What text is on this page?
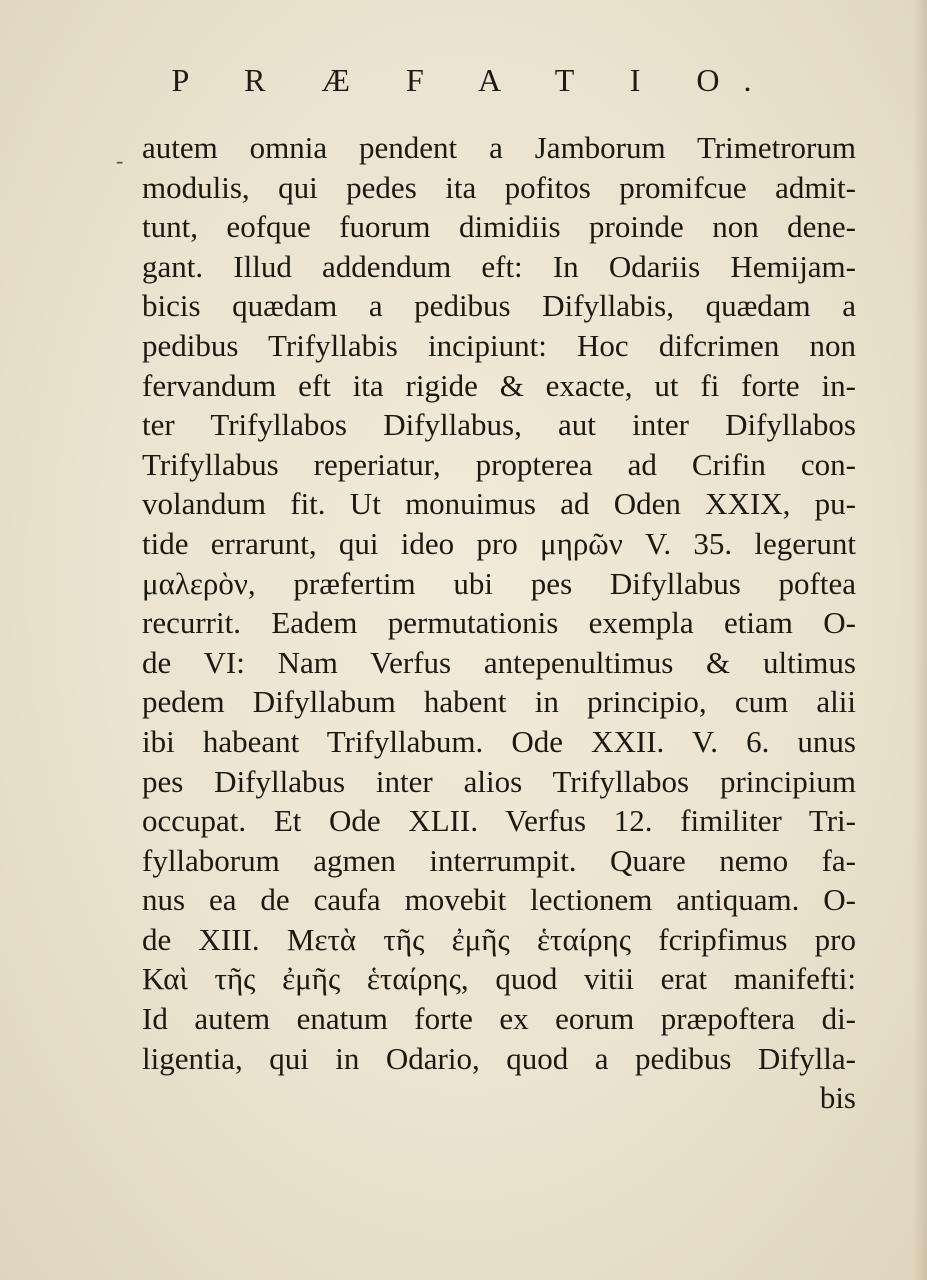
P R Æ F A T I O.
- autem omnia pendent a Jamborum Trimetrorum
modulis, qui pedes ita pofitos promifcue admit-
tunt, eofque fuorum dimidiis proinde non dene-
gant. Illud addendum eft: In Odariis Hemijam-
bicis quædam a pedibus Difyllabis, quædam a
pedibus Trifyllabis incipiunt: Hoc difcrimen non
fervandum eft ita rigide & exacte, ut fi forte in-
ter Trifyllabos Difyllabus, aut inter Difyllabos
Trifyllabus reperiatur, propterea ad Crifin con-
volandum fit. Ut monuimus ad Oden XXIX, pu-
tide errarunt, qui ideo pro μηρῶν V. 35. legerunt
μαλερὸν, præfertim ubi pes Difyllabus poftea
recurrit. Eadem permutationis exempla etiam O-
de VI: Nam Verfus antepenultimus & ultimus
pedem Difyllabum habent in principio, cum alii
ibi habeant Trifyllabum. Ode XXII. V. 6. unus
pes Difyllabus inter alios Trifyllabos principium
occupat. Et Ode XLII. Verfus 12. fimiliter Tri-
fyllaborum agmen interrumpit. Quare nemo fa-
nus ea de caufa movebit lectionem antiquam. O-
de XIII. Μετὰ τῆς ἐμῆς ἑταίρης fcripfimus pro
Καὶ τῆς ἐμῆς ἑταίρης, quod vitii erat manifefti:
Id autem enatum forte ex eorum præpoftera di-
ligentia, qui in Odario, quod a pedibus Difylla-
bis
